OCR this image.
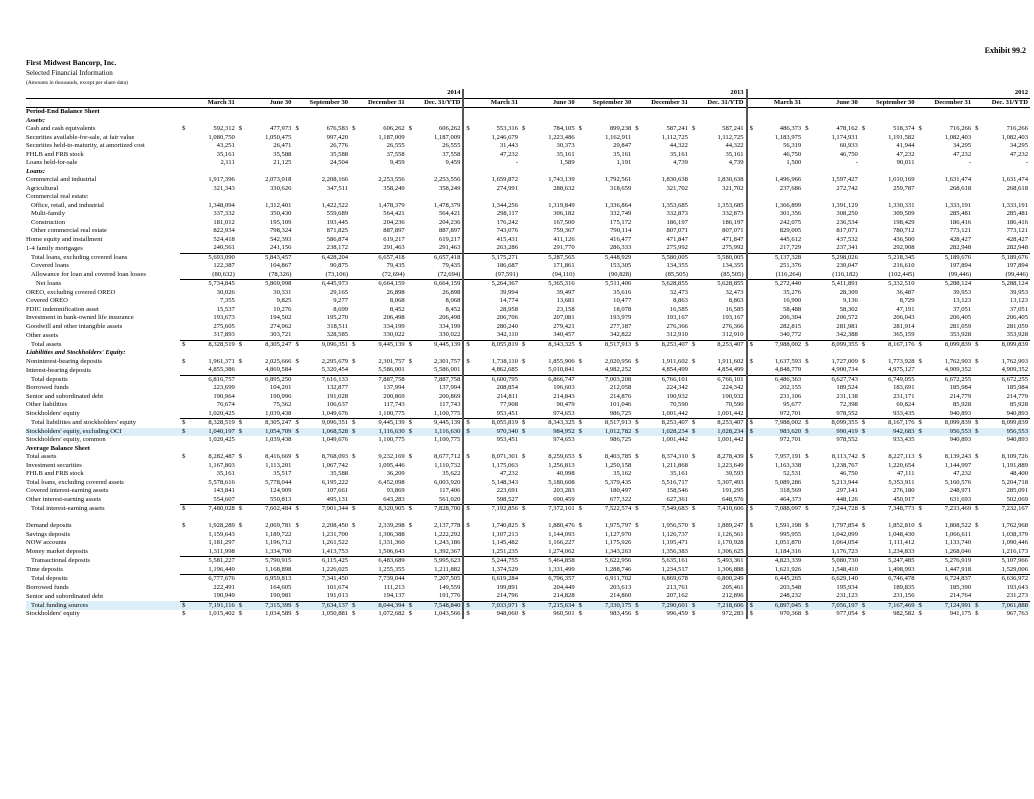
Exhibit 99.2
First Midwest Bancorp, Inc.
Selected Financial Information
(Amounts in thousands, except per share data)
	2014					2013					2012				
	March 31	June 30	September 30	December 31	Dec. 31/YTD	March 31	June 30	September 30	December 31	Dec. 31/YTD	March 31	June 30	September 30	December 31	Dec. 31/YTD
Period-End Balance Sheet															
Assets:															
Cash and cash equivalents	$ 592,312	$ 477,973	$ 676,583	$ 606,262	$ 606,262	$ 553,316	$ 784,105	$ 899,238	$ 587,241	$ 587,241	$ 486,373	$ 478,162	$ 518,374	$ 716,266	$ 716,266
Securities available-for-sale, at fair value	1,080,750	1,050,475	997,420	1,187,009	1,187,009	1,246,679	1,223,486	1,162,911	1,112,725	1,112,725	1,183,975	1,174,931	1,191,582	1,082,403	1,082,403
Securities held-to-maturity, at amortized cost	43,251	26,471	26,776	26,555	26,555	31,443	30,373	29,847	44,322	44,322	56,319	60,933	41,944	34,295	34,295
FHLB and FRB stock	35,161	35,588	35,588	37,558	37,558	47,232	35,161	35,161	35,161	35,161	46,750	46,750	47,232	47,232	47,232
Loans held-for-sale	2,111	21,125	24,504	9,459	9,459	-	1,589	1,191	4,739	4,739	1,500	-	90,011	-	-
Loans:															
Commercial and industrial	1,917,396	2,073,018	2,208,166	2,253,556	2,253,556	1,659,872	1,743,139	1,792,561	1,830,638	1,830,638	1,496,966	1,597,427	1,610,169	1,631,474	1,631,474
Agricultural	321,343	330,626	347,511	358,249	358,249	274,991	288,632	318,659	321,702	321,702	237,686	272,742	259,787	268,618	268,618
Commercial real estate:															
Office, retail, and industrial	1,348,094	1,312,401	1,422,522	1,478,379	1,478,379	1,344,256	1,319,849	1,336,864	1,353,685	1,353,685	1,366,899	1,391,129	1,330,331	1,333,191	1,333,191
Multi-family	337,332	350,430	559,689	564,421	564,421	298,117	306,182	332,749	332,873	332,873	301,356	308,250	309,509	285,481	285,481
Construction	181,012	195,109	193,445	204,236	204,236	176,242	167,500	175,172	186,197	186,197	242,075	236,534	198,429	186,416	186,416
Other commercial real estate	822,934	798,324	871,825	887,897	887,897	743,076	759,367	790,114	807,071	807,071	829,005	817,071	780,712	773,121	773,121
Home equity and installment	524,418	542,393	586,874	619,217	619,217	415,431	411,126	416,477	471,847	471,847	445,612	437,532	436,500	428,427	428,427
1-4 family mortgages	240,561	241,156	238,172	291,463	291,463	263,286	291,770	286,333	275,992	275,992	217,729	237,341	292,908	282,948	282,948
Total loans, excluding covered loans	5,693,090	5,843,457	6,428,204	6,657,418	6,657,418	5,175,271	5,287,565	5,448,929	5,580,005	5,580,005	5,137,328	5,298,026	5,218,345	5,189,676	5,189,676
Covered loans	122,387	104,867	90,875	79,435	79,435	186,687	171,861	153,305	134,355	134,355	251,376	230,047	216,610	197,894	197,894
Allowance for loan and covered loan losses	(80,632)	(78,326)	(73,106)	(72,694)	(72,694)	(97,591)	(94,110)	(90,828)	(85,505)	(85,505)	(116,264)	(116,182)	(102,445)	(99,446)	(99,446)
Net loans	5,734,845	5,869,998	6,445,973	6,664,159	6,664,159	5,264,367	5,365,316	5,511,406	5,628,855	5,628,855	5,272,440	5,411,891	5,332,510	5,288,124	5,288,124
OREO, excluding covered OREO	30,026	30,331	29,165	26,898	26,898	39,994	39,497	35,616	32,473	32,473	35,276	28,309	36,487	39,953	39,953
Covered OREO	7,355	9,825	9,277	8,068	8,068	14,774	13,681	10,477	8,863	8,863	16,990	9,136	8,729	13,123	13,123
FDIC indemnification asset	15,537	10,276	8,699	8,452	8,452	28,958	23,158	18,078	16,585	16,585	58,488	58,302	47,191	37,051	37,051
Investment in bank-owned life insurance	193,673	194,502	195,270	206,498	206,498	206,706	207,081	193,979	193,167	193,167	206,304	206,572	206,043	206,405	206,405
Goodwill and other intangible assets	275,605	274,962	318,511	334,199	334,199	280,240	279,421	277,187	276,366	276,366	282,815	281,981	281,914	281,059	281,059
Other assets	317,893	303,721	328,585	330,022	330,022	342,110	340,457	342,822	312,910	312,910	340,772	342,388	365,159	353,928	353,928
Total assets	$ 8,328,519	$ 8,305,247	$ 9,096,351	$ 9,445,139	$ 9,445,139	$ 8,055,819	$ 8,343,325	$ 8,517,913	$ 8,253,407	$ 8,253,407	$ 7,988,002	$ 8,099,355	$ 8,167,176	$ 8,099,839	$ 8,099,839
Liabilities and Stockholders' Equity:															
Noninterest-bearing deposits	$ 1,961,371	$ 2,025,666	$ 2,295,679	$ 2,301,757	$ 2,301,757	$ 1,738,110	$ 1,855,906	$ 2,020,956	$ 1,911,602	$ 1,911,602	$ 1,637,593	$ 1,727,009	$ 1,773,928	$ 1,762,903	$ 1,762,903
Interest-bearing deposits	4,855,386	4,869,584	5,320,454	5,586,001	5,586,001	4,862,685	5,010,841	4,982,252	4,854,499	4,854,499	4,848,770	4,900,734	4,975,127	4,909,352	4,909,352
Total deposits	6,816,757	6,895,250	7,616,133	7,887,758	7,887,758	6,600,795	6,866,747	7,003,208	6,766,101	6,766,101	6,486,363	6,627,743	6,749,055	6,672,255	6,672,255
Borrowed funds	223,699	104,201	132,877	137,994	137,994	208,854	196,603	212,058	224,342	224,342	202,155	189,524	183,691	185,984	185,984
Senior and subordinated debt	190,964	190,996	191,028	200,869	200,869	214,811	214,843	214,876	190,932	190,932	231,106	231,138	231,171	214,779	214,779
Other liabilities	76,674	75,362	106,637	117,743	117,743	77,908	90,479	101,046	70,590	70,590	95,677	72,398	69,824	85,928	85,928
Stockholders' equity	1,020,425	1,039,438	1,049,676	1,100,775	1,100,775	953,451	974,653	986,725	1,001,442	1,001,442	972,701	978,552	933,435	940,893	940,893
Total liabilities and stockholders' equity	$ 8,328,519	$ 8,305,247	$ 9,096,351	$ 9,445,139	$ 9,445,139	$ 8,055,819	$ 8,343,325	$ 8,517,913	$ 8,253,407	$ 8,253,407	$ 7,988,002	$ 8,099,355	$ 8,167,176	$ 8,099,839	$ 8,099,839
Stockholders' equity, excluding OCI	$ 1,040,197	$ 1,054,709	$ 1,068,528	$ 1,116,630	$ 1,116,630	$ 970,340	$ 984,952	$ 1,012,782	$ 1,028,234	$ 1,028,234	$ 983,620	$ 990,419	$ 942,683	$ 956,553	$ 956,553
Stockholders' equity, common	1,020,425	1,039,438	1,049,676	1,100,775	1,100,775	953,451	974,653	986,725	1,001,442	1,001,442	972,701	978,552	933,435	940,893	940,893
Average Balance Sheet															
Total assets	$ 8,282,487	$ 8,416,669	$ 8,768,093	$ 9,232,169	$ 8,677,712	$ 8,071,301	$ 8,259,653	$ 8,403,785	$ 8,374,310	$ 8,278,439	$ 7,957,191	$ 8,113,742	$ 8,227,113	$ 8,139,243	$ 8,109,726
Investment securities	1,167,803	1,113,201	1,067,742	1,095,446	1,110,732	1,175,063	1,256,813	1,250,158	1,211,868	1,223,649	1,163,338	1,238,767	1,220,654	1,144,997	1,191,889
FHLB and FRB stock	35,161	35,517	35,588	36,209	35,622	47,232	40,998	35,162	35,161	39,593	52,531	46,750	47,111	47,232	48,400
Total loans, excluding covered assets	5,578,616	5,778,044	6,195,222	6,452,098	6,003,920	5,148,343	5,180,608	5,379,435	5,516,717	5,307,493	5,089,286	5,213,944	5,353,911	5,160,576	5,204,718
Covered interest-earning assets	143,841	124,909	107,661	93,869	117,406	223,691	203,283	180,497	158,546	191,295	318,569	297,141	276,180	248,971	285,091
Other interest-earning assets	554,607	550,813	495,131	643,283	561,020	598,527	690,459	677,322	627,361	648,576	464,373	448,126	450,917	631,693	502,069
Total interest-earning assets	$ 7,480,028	$ 7,602,484	$ 7,901,344	$ 8,320,905	$ 7,828,700	$ 7,192,856	$ 7,372,161	$ 7,522,574	$ 7,549,683	$ 7,410,606	$ 7,088,097	$ 7,244,728	$ 7,348,773	$ 7,233,469	$ 7,232,167

Demand deposits	$ 1,928,289	$ 2,069,781	$ 2,208,450	$ 2,339,298	$ 2,137,778	$ 1,740,825	$ 1,880,476	$ 1,975,797	$ 1,956,570	$ 1,889,247	$ 1,591,198	$ 1,797,854	$ 1,852,810	$ 1,808,522	$ 1,762,968
Savings deposits	1,159,643	1,189,722	1,231,700	1,306,388	1,222,292	1,107,213	1,144,093	1,127,970	1,126,737	1,126,561	995,955	1,042,099	1,048,430	1,066,611	1,038,379
NOW accounts	1,181,297	1,196,712	1,261,522	1,331,360	1,243,186	1,145,482	1,166,227	1,175,926	1,195,471	1,170,928	1,051,870	1,064,054	1,111,412	1,133,740	1,090,446
Money market deposits	1,311,998	1,334,700	1,413,753	1,506,643	1,392,367	1,251,235	1,274,062	1,343,263	1,356,383	1,306,625	1,184,316	1,176,723	1,234,833	1,268,046	1,216,173
Transactional deposits	5,581,227	5,790,915	6,115,425	6,483,689	5,995,623	5,244,755	5,464,858	5,622,956	5,635,161	5,493,361	4,823,339	5,080,730	5,247,485	5,276,919	5,107,966
Time deposits	1,196,449	1,168,898	1,226,025	1,255,355	1,211,882	1,374,529	1,331,499	1,288,746	1,234,517	1,306,888	1,621,926	1,548,410	1,498,993	1,447,918	1,529,006
Total deposits	6,777,676	6,959,813	7,341,450	7,739,044	7,207,505	6,619,284	6,796,357	6,911,702	6,869,678	6,800,249	6,445,265	6,629,140	6,746,478	6,724,837	6,636,972
Borrowed funds	222,491	164,605	101,674	111,213	149,559	199,891	204,449	203,613	213,761	205,461	203,548	195,934	189,835	185,390	193,643
Senior and subordinated debt	190,949	190,981	191,013	194,137	191,776	214,796	214,828	214,860	207,162	212,896	248,232	231,123	231,156	214,764	231,273
Total funding sources	$ 7,191,116	$ 7,315,399	$ 7,634,137	$ 8,044,394	$ 7,548,840	$ 7,033,971	$ 7,215,634	$ 7,330,175	$ 7,290,601	$ 7,218,606	$ 6,897,045	$ 7,056,197	$ 7,167,469	$ 7,124,991	$ 7,061,888
Stockholders' equity	$ 1,015,402	$ 1,034,589	$ 1,050,881	$ 1,072,682	$ 1,043,566	$ 948,060	$ 960,501	$ 983,456	$ 996,459	$ 972,283	$ 970,368	$ 977,054	$ 982,582	$ 941,175	$ 967,763
